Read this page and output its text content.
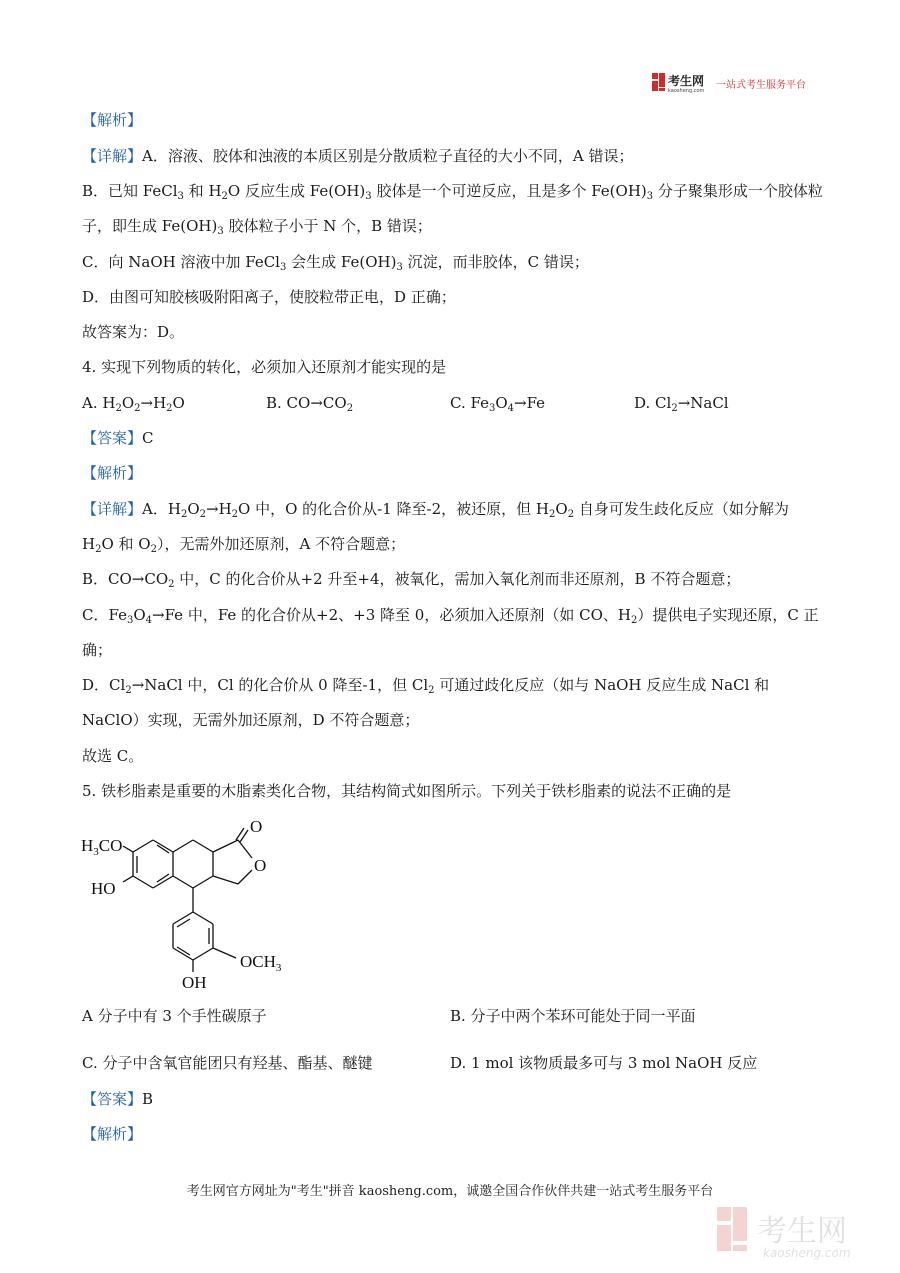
考生网
kaosheng.com 一站式考生服务平台
【解析】
【详解】A．溶液、胶体和浊液的本质区别是分散质粒子直径的大小不同，A 错误；
B．已知 FeCl$_3$ 和 $H_2O$ 反应生成 $Fe(OH)_3$ 胶体是一个可逆反应，且是多个 $Fe(OH)_3$ 分子聚集形成一个胶体粒
子，即生成 $Fe(OH)_3$ 胶体粒子小于 N 个，B 错误；
C．向 NaOH 溶液中加 FeCl$_3$ 会生成 $Fe(OH)_3$ 沉淀，而非胶体，C 错误；
D．由图可知胶核吸附阳离子，使胶粒带正电，D 正确；
故答案为：D。
4. 实现下列物质的转化，必须加入还原剂才能实现的是
A. $H_2O_2\to H_2O$	B. $CO\to CO_2$	C. $Fe_3O_4\to Fe$	D. $Cl_2\to NaCl$
【答案】C
【解析】
【详解】A．$H_2O_2\to H_2O$ 中，O 的化合价从-1 降至-2，被还原，但 $H_2O_2$ 自身可发生歧化反应（如分解为
$H_2O$ 和 $O_2$），无需外加还原剂，A 不符合题意；
B．$CO\to CO_2$ 中，C 的化合价从+2 升至+4，被氧化，需加入氧化剂而非还原剂，B 不符合题意；
C．$Fe_3O_4\to Fe$ 中，Fe 的化合价从+2、+3 降至 0，必须加入还原剂（如 CO、$H_2$）提供电子实现还原，C 正
确；
D．$Cl_2\to NaCl$ 中，Cl 的化合价从 0 降至-1，但 $Cl_2$ 可通过歧化反应（如与 NaOH 反应生成 NaCl 和
NaClO）实现，无需外加还原剂，D 不符合题意；
故选 C。
5. 铁杉脂素是重要的木脂素类化合物，其结构简式如图所示。下列关于铁杉脂素的说法不正确的是
$H_3CO$
HO
O
O
$OCH_3$
OH
A 分子中有 3 个手性碳原子	B. 分子中两个苯环可能处于同一平面
C. 分子中含氧官能团只有羟基、酯基、醚键	D. 1 mol 该物质最多可与 3 mol NaOH 反应
【答案】B
【解析】
考生网官方网址为"考生"拼音 kaosheng.com，诚邀全国合作伙伴共建一站式考生服务平台
考生网
kaosheng.com
